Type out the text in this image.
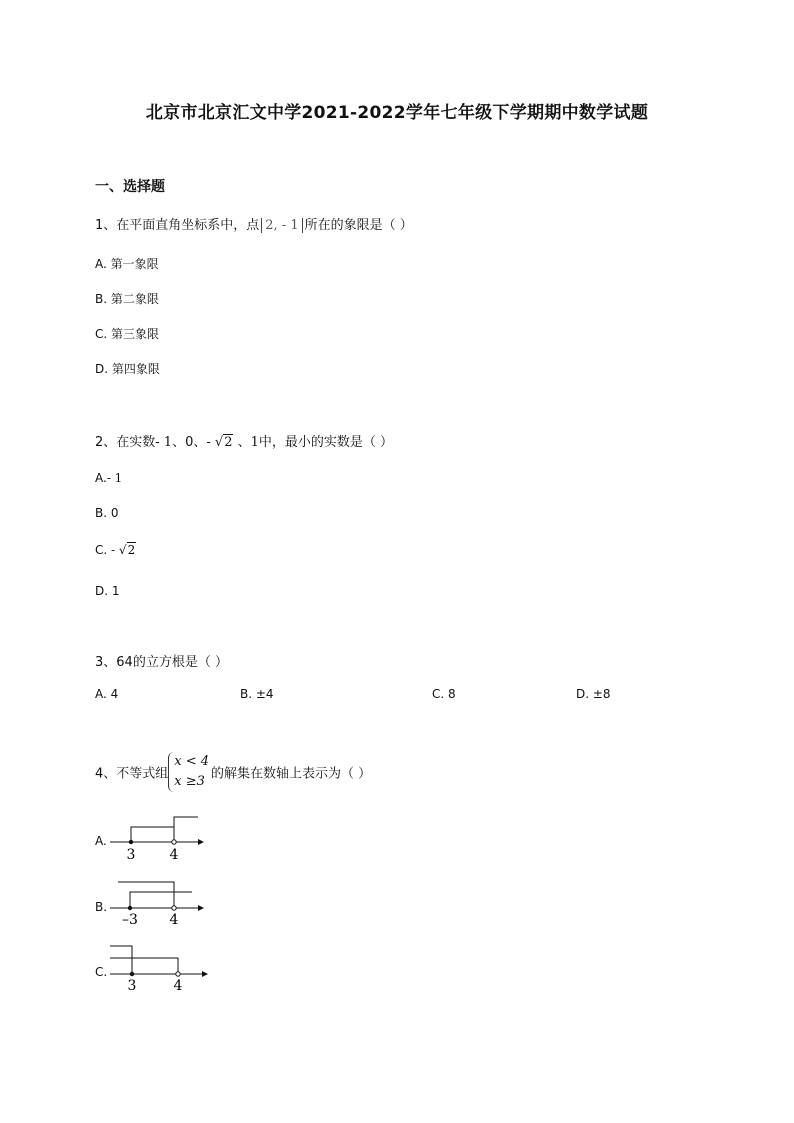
北京市北京汇文中学2021-2022学年七年级下学期期中数学试题
一、选择题
1、在平面直角坐标系中，点 2, - 1 所在的象限是（ ）
A. 第一象限
B. 第二象限
C. 第三象限
D. 第四象限
2、在实数- 1、0、- √2 、1中，最小的实数是（ ）
A.- 1
B. 0
C. - √2
D. 1
3、64的立方根是（ ）
A. 4	B. ±4	C. 8	D. ±8
4、不等式组x < 4
x ≥3 的解集在数轴上表示为（ ）
A.
3 4
B.
–3 4
C.
3	4
